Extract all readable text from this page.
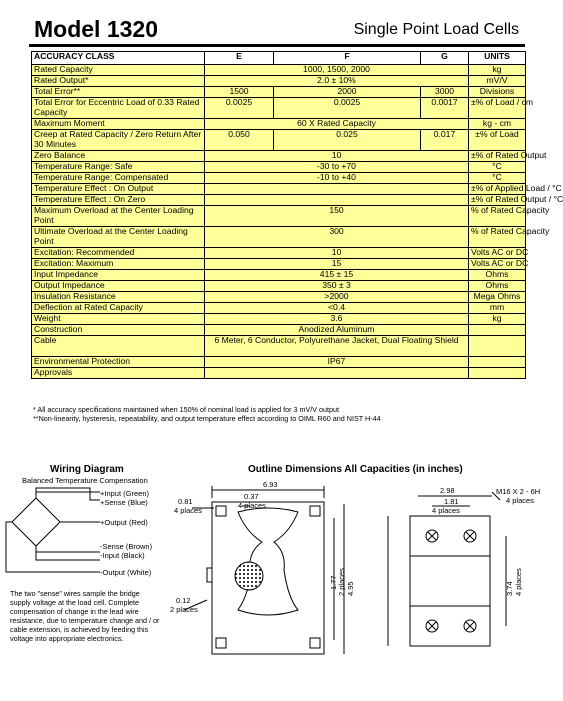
Model 1320	Single Point Load Cells
ACCURACY CLASS	E	F	G	UNITS
Rated Capacity	1000, 1500, 2000			kg
Rated Output*	2.0 ± 10%			mV/V
Total Error**	1500	2000	3000	Divisions
Total Error for Eccentric Load of 0.33 Rated Capacity	0.0025	0.0025	0.0017	±% of Load / cm
Maximum Moment	60 X Rated Capacity			kg - cm
Creep at Rated Capacity / Zero Return After 30 Minutes	0.050	0.025	0.017	±% of Load
Zero Balance	10			±% of Rated Output
Temperature Range: Safe	-30 to +70			°C
Temperature Range: Compensated	-10 to +40			°C
Temperature Effect : On Output				±% of Applied Load / °C
Temperature Effect : On Zero				±% of Rated Output / °C
Maximum Overload at the Center Loading Point	150			% of Rated Capacity
Ultimate Overload at the Center Loading Point	300			% of Rated Capacity
Excitation: Recommended	10			Volts AC or DC
Excitation: Maximum	15			Volts AC or DC
Input Impedance	415 ± 15			Ohms
Output Impedance	350 ± 3			Ohms
Insulation Resistance	>2000			Mega Ohms
Deflection at Rated Capacity	<0.4			mm
Weight	3.6			kg
Construction	Anodized Aluminum			
Cable	6 Meter, 6 Conductor, Polyurethane Jacket, Dual Floating Shield			
Environmental Protection	IP67			
Approvals				
* All accuracy specifications maintained when 150% of nominal load is applied for 3 mV/V output
**Non-linearity, hysteresis, repeatability, and output temperature effect according to OIML R60 and NIST H-44
Wiring Diagram
Balanced Temperature Compensation
+Input (Green)
+Sense (Blue)
+Output (Red)
-Sense (Brown)
-Input (Black)
-Output (White)
The two "sense" wires sample the bridge supply voltage at the load cell. Complete compensation of change in the lead wire resistance, due to temperature change and / or cable extension, is achieved by feeding this voltage into appropriate electronics.
Outline Dimensions All Capacities (in inches)
6.93
0.81
4 places
0.37
4 places
0.12
2 places
1.77 2 places 4.95
2.98
1.81
4 places
3.74 4 places
M16 X 2 - 6H
4 places
